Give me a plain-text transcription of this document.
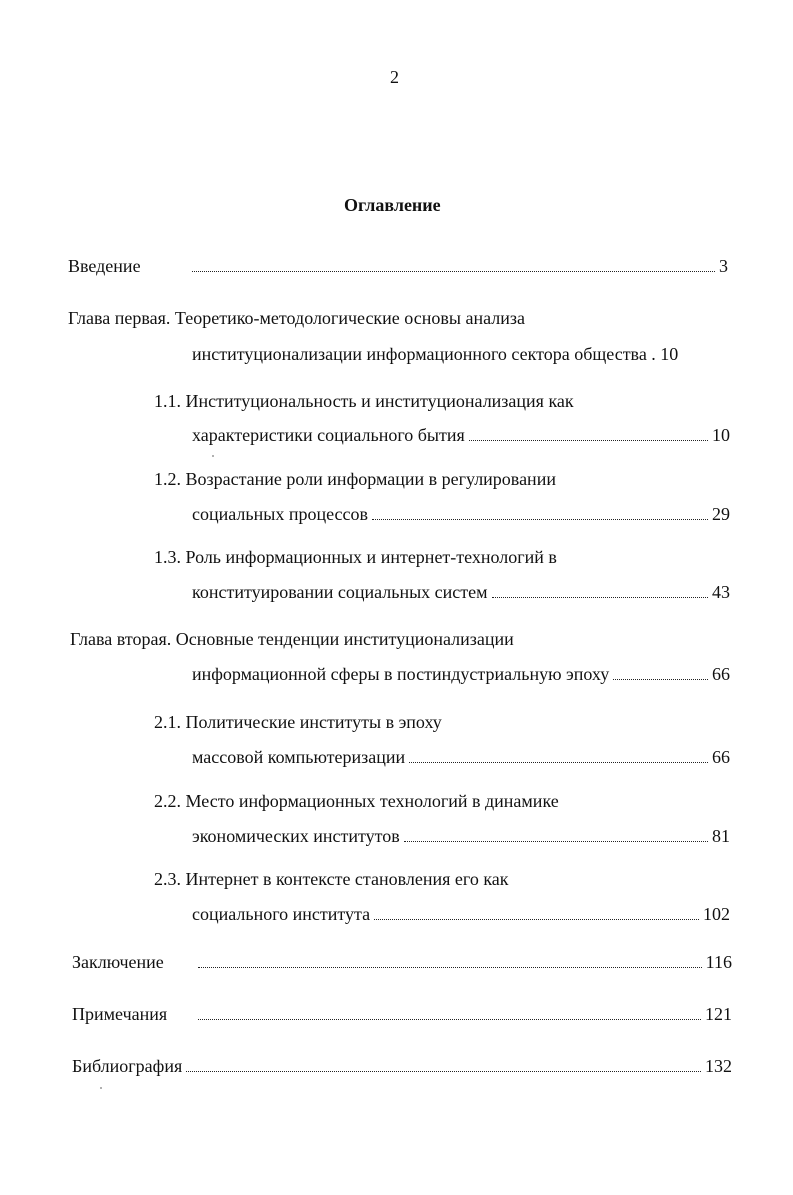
2
Оглавление
Введение	3
Глава первая. Теоретико-методологические основы анализа
институционализации информационного сектора общества . 10
1.1. Институциональность и институционализация как
характеристики социального бытия	10
1.2. Возрастание роли информации в регулировании
социальных процессов	29
1.3. Роль информационных и интернет-технологий в
конституировании социальных систем	43
Глава вторая. Основные тенденции институционализации
информационной сферы в постиндустриальную эпоху	66
2.1. Политические институты в эпоху
массовой компьютеризации	66
2.2. Место информационных технологий в динамике
экономических институтов	81
2.3. Интернет в контексте становления его как
социального института	102
Заключение	116
Примечания	121
Библиография	132
